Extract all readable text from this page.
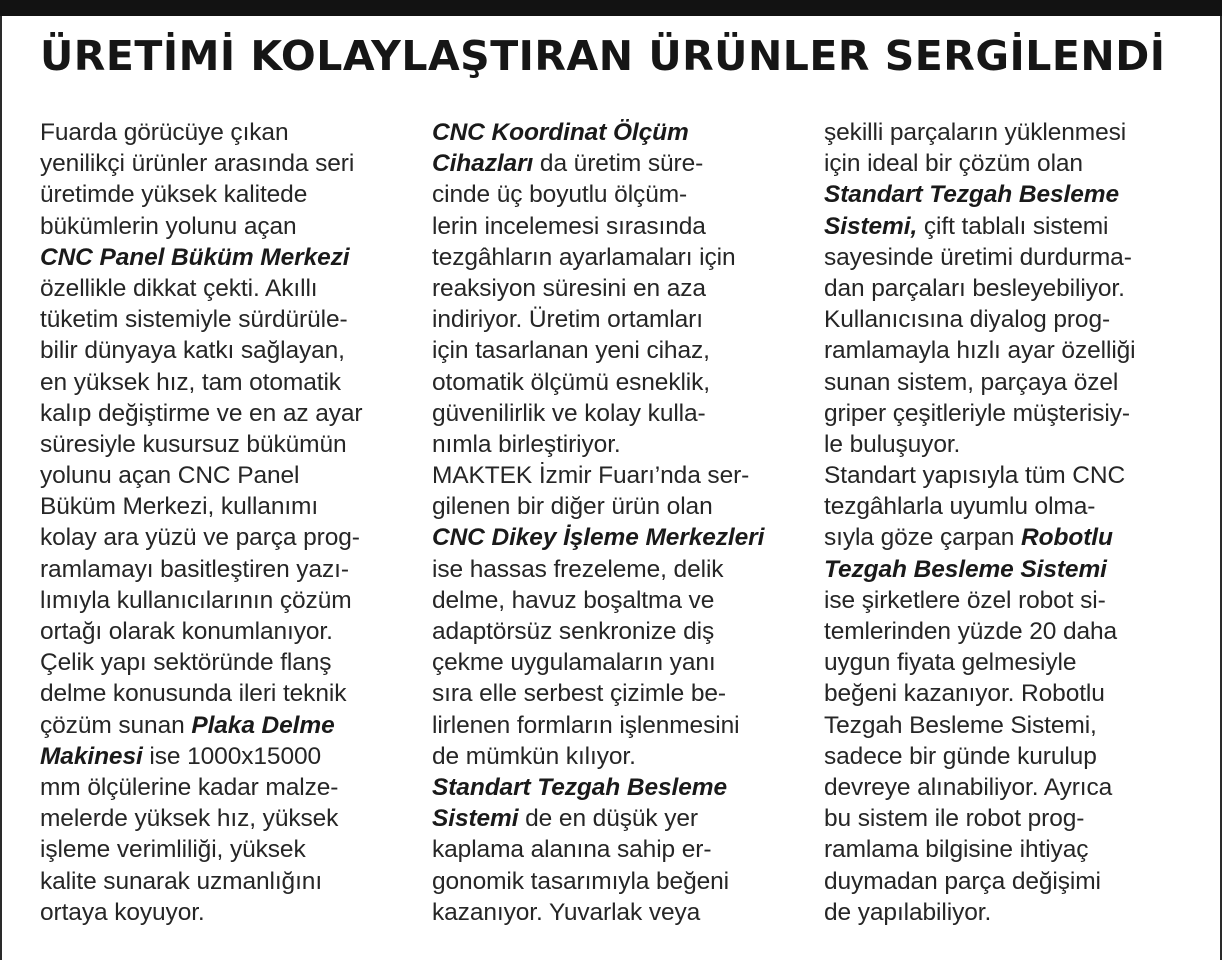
ÜRETİMİ KOLAYLAŞTIRAN ÜRÜNLER SERGİLENDİ
Fuarda görücüye çıkan
yenilikçi ürünler arasında seri
üretimde yüksek kalitede
bükümlerin yolunu açan
CNC Panel Büküm Merkezi
özellikle dikkat çekti. Akıllı
tüketim sistemiyle sürdürüle-
bilir dünyaya katkı sağlayan,
en yüksek hız, tam otomatik
kalıp değiştirme ve en az ayar
süresiyle kusursuz bükümün
yolunu açan CNC Panel
Büküm Merkezi, kullanımı
kolay ara yüzü ve parça prog-
ramlamayı basitleştiren yazı-
lımıyla kullanıcılarının çözüm
ortağı olarak konumlanıyor.
Çelik yapı sektöründe flanş
delme konusunda ileri teknik
çözüm sunan Plaka Delme
Makinesi ise 1000x15000
mm ölçülerine kadar malze-
melerde yüksek hız, yüksek
işleme verimliliği, yüksek
kalite sunarak uzmanlığını
ortaya koyuyor.
CNC Koordinat Ölçüm
Cihazları da üretim süre-
cinde üç boyutlu ölçüm-
lerin incelemesi sırasında
tezgâhların ayarlamaları için
reaksiyon süresini en aza
indiriyor. Üretim ortamları
için tasarlanan yeni cihaz,
otomatik ölçümü esneklik,
güvenilirlik ve kolay kulla-
nımla birleştiriyor.
MAKTEK İzmir Fuarı’nda ser-
gilenen bir diğer ürün olan
CNC Dikey İşleme Merkezleri
ise hassas frezeleme, delik
delme, havuz boşaltma ve
adaptörsüz senkronize diş
çekme uygulamaların yanı
sıra elle serbest çizimle be-
lirlenen formların işlenmesini
de mümkün kılıyor.
Standart Tezgah Besleme
Sistemi de en düşük yer
kaplama alanına sahip er-
gonomik tasarımıyla beğeni
kazanıyor. Yuvarlak veya
şekilli parçaların yüklenmesi
için ideal bir çözüm olan
Standart Tezgah Besleme
Sistemi, çift tablalı sistemi
sayesinde üretimi durdurma-
dan parçaları besleyebiliyor.
Kullanıcısına diyalog prog-
ramlamayla hızlı ayar özelliği
sunan sistem, parçaya özel
griper çeşitleriyle müşterisiy-
le buluşuyor.
Standart yapısıyla tüm CNC
tezgâhlarla uyumlu olma-
sıyla göze çarpan Robotlu
Tezgah Besleme Sistemi
ise şirketlere özel robot si-
temlerinden yüzde 20 daha
uygun fiyata gelmesiyle
beğeni kazanıyor. Robotlu
Tezgah Besleme Sistemi,
sadece bir günde kurulup
devreye alınabiliyor. Ayrıca
bu sistem ile robot prog-
ramlama bilgisine ihtiyaç
duymadan parça değişimi
de yapılabiliyor.
